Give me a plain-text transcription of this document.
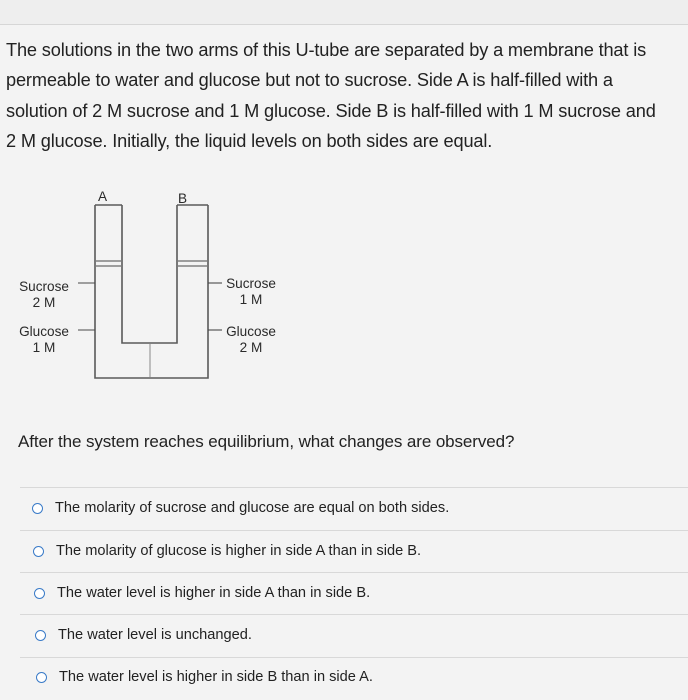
The solutions in the two arms of this U-tube are separated by a membrane that is
permeable to water and glucose but not to sucrose. Side A is half-filled with a
solution of 2 M sucrose and 1 M glucose. Side B is half-filled with 1 M sucrose and
2 M glucose. Initially, the liquid levels on both sides are equal.
A	B
Sucrose
2 M
Glucose
1 M
Sucrose
1 M
Glucose
2 M
After the system reaches equilibrium, what changes are observed?
The molarity of sucrose and glucose are equal on both sides.
The molarity of glucose is higher in side A than in side B.
The water level is higher in side A than in side B.
The water level is unchanged.
The water level is higher in side B than in side A.
